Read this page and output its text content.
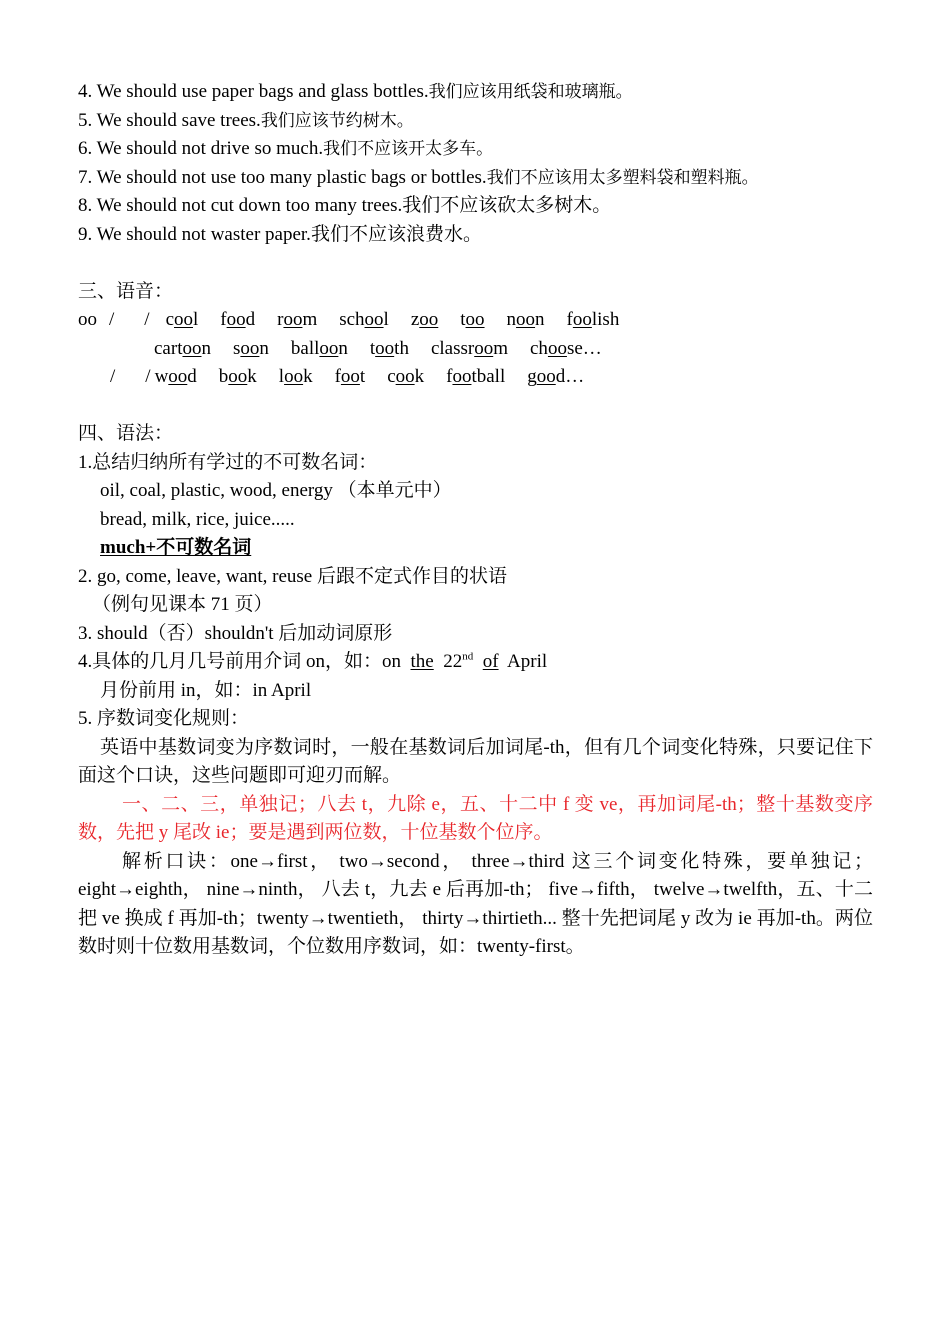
4. We should use paper bags and glass bottles.我们应该用纸袋和玻璃瓶。
5. We should save trees.我们应该节约树木。
6. We should not drive so much.我们不应该开太多车。
7. We should not use too many plastic bags or bottles.我们不应该用太多塑料袋和塑料瓶。
8. We should not cut down too many trees.我们不应该砍太多树木。
9. We should not waster paper.我们不应该浪费水。
三、语音：
oo / / cool food room school zoo too noon foolish
cartoon soon balloon tooth classroom choose…
/ / wood book look foot cook football good…
四、语法：
1.总结归纳所有学过的不可数名词：
oil, coal, plastic, wood, energy （本单元中）
bread, milk, rice, juice.....
much+不可数名词
2. go, come, leave, want, reuse 后跟不定式作目的状语
（例句见课本 71 页）
3. should（否）shouldn't 后加动词原形
4.具体的几月几号前用介词 on，如：on  the  22nd of  April
月份前用 in，如：in April
5. 序数词变化规则：
英语中基数词变为序数词时，一般在基数词后加词尾-th，但有几个词变化特殊，只要记住下面这个口诀，这些问题即可迎刃而解。
一、二、三，单独记；八去 t，九除 e，五、十二中 f 变 ve，再加词尾-th；整十基数变序数，先把 y 尾改 ie；要是遇到两位数，十位基数个位序。
解析口诀：one→first， two→second， three→third 这三个词变化特殊，要单独记；eight→eighth， nine→ninth， 八去 t，九去 e 后再加-th； five→fifth， twelve→twelfth，五、十二把 ve 换成 f 再加-th；twenty→twentieth， thirty→thirtieth... 整十先把词尾 y 改为 ie 再加-th。两位数时则十位数用基数词，个位数用序数词，如：twenty-first。
